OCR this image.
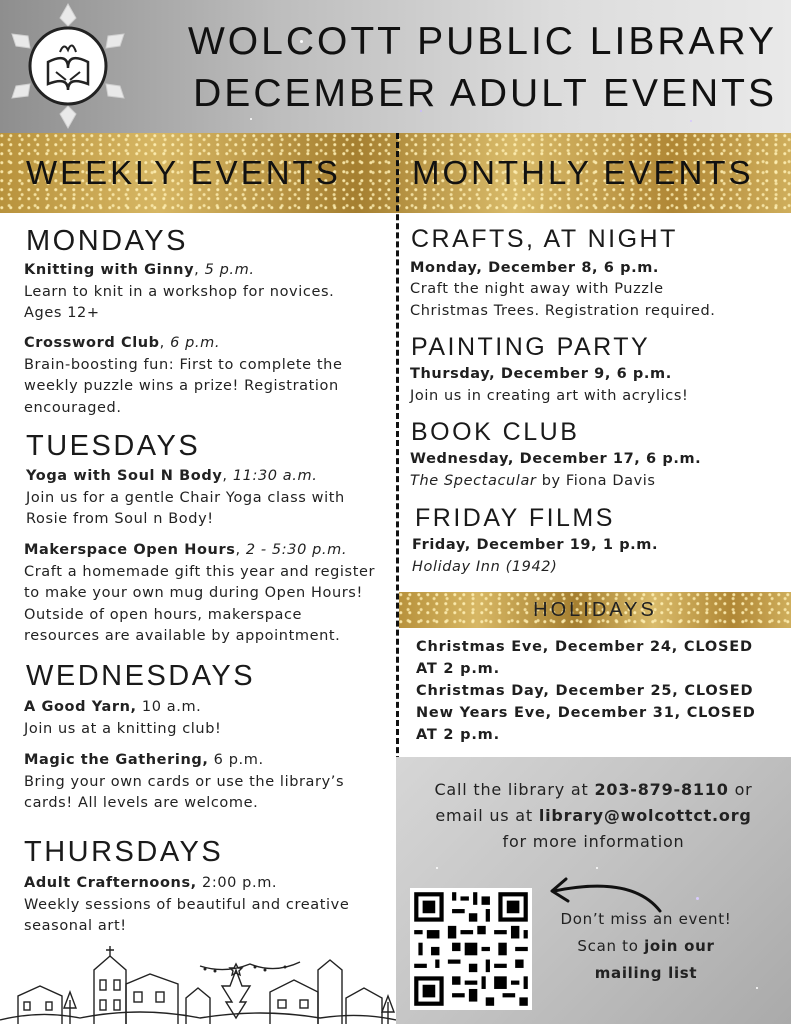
WOLCOTT PUBLIC LIBRARY
DECEMBER ADULT EVENTS
WEEKLY EVENTS MONTHLY EVENTS
MONDAYS
Knitting with Ginny, 5 p.m.
Learn to knit in a workshop for novices.
Ages 12+
Crossword Club, 6 p.m.
Brain-boosting fun: First to complete the
weekly puzzle wins a prize! Registration
encouraged.
TUESDAYS
Yoga with Soul N Body, 11:30 a.m.
Join us for a gentle Chair Yoga class with
Rosie from Soul n Body!
Makerspace Open Hours, 2 - 5:30 p.m.
Craft a homemade gift this year and register
to make your own mug during Open Hours!
Outside of open hours, makerspace
resources are available by appointment.
WEDNESDAYS
A Good Yarn, 10 a.m.
Join us at a knitting club!
Magic the Gathering, 6 p.m.
Bring your own cards or use the library’s
cards! All levels are welcome.
THURSDAYS
Adult Crafternoons, 2:00 p.m.
Weekly sessions of beautiful and creative
seasonal art!
CRAFTS, AT NIGHT
Monday, December 8, 6 p.m.
Craft the night away with Puzzle
Christmas Trees. Registration required.
PAINTING PARTY
Thursday, December 9, 6 p.m.
Join us in creating art with acrylics!
BOOK CLUB
Wednesday, December 17, 6 p.m.
The Spectacular by Fiona Davis
FRIDAY FILMS
Friday, December 19, 1 p.m.
Holiday Inn (1942)
HOLIDAYS
Christmas Eve, December 24, CLOSED
AT 2 p.m.
Christmas Day, December 25, CLOSED
New Years Eve, December 31, CLOSED
AT 2 p.m.
Call the library at 203-879-8110 or
email us at library@wolcottct.org
for more information
Don’t miss an event!
Scan to join our
mailing list
